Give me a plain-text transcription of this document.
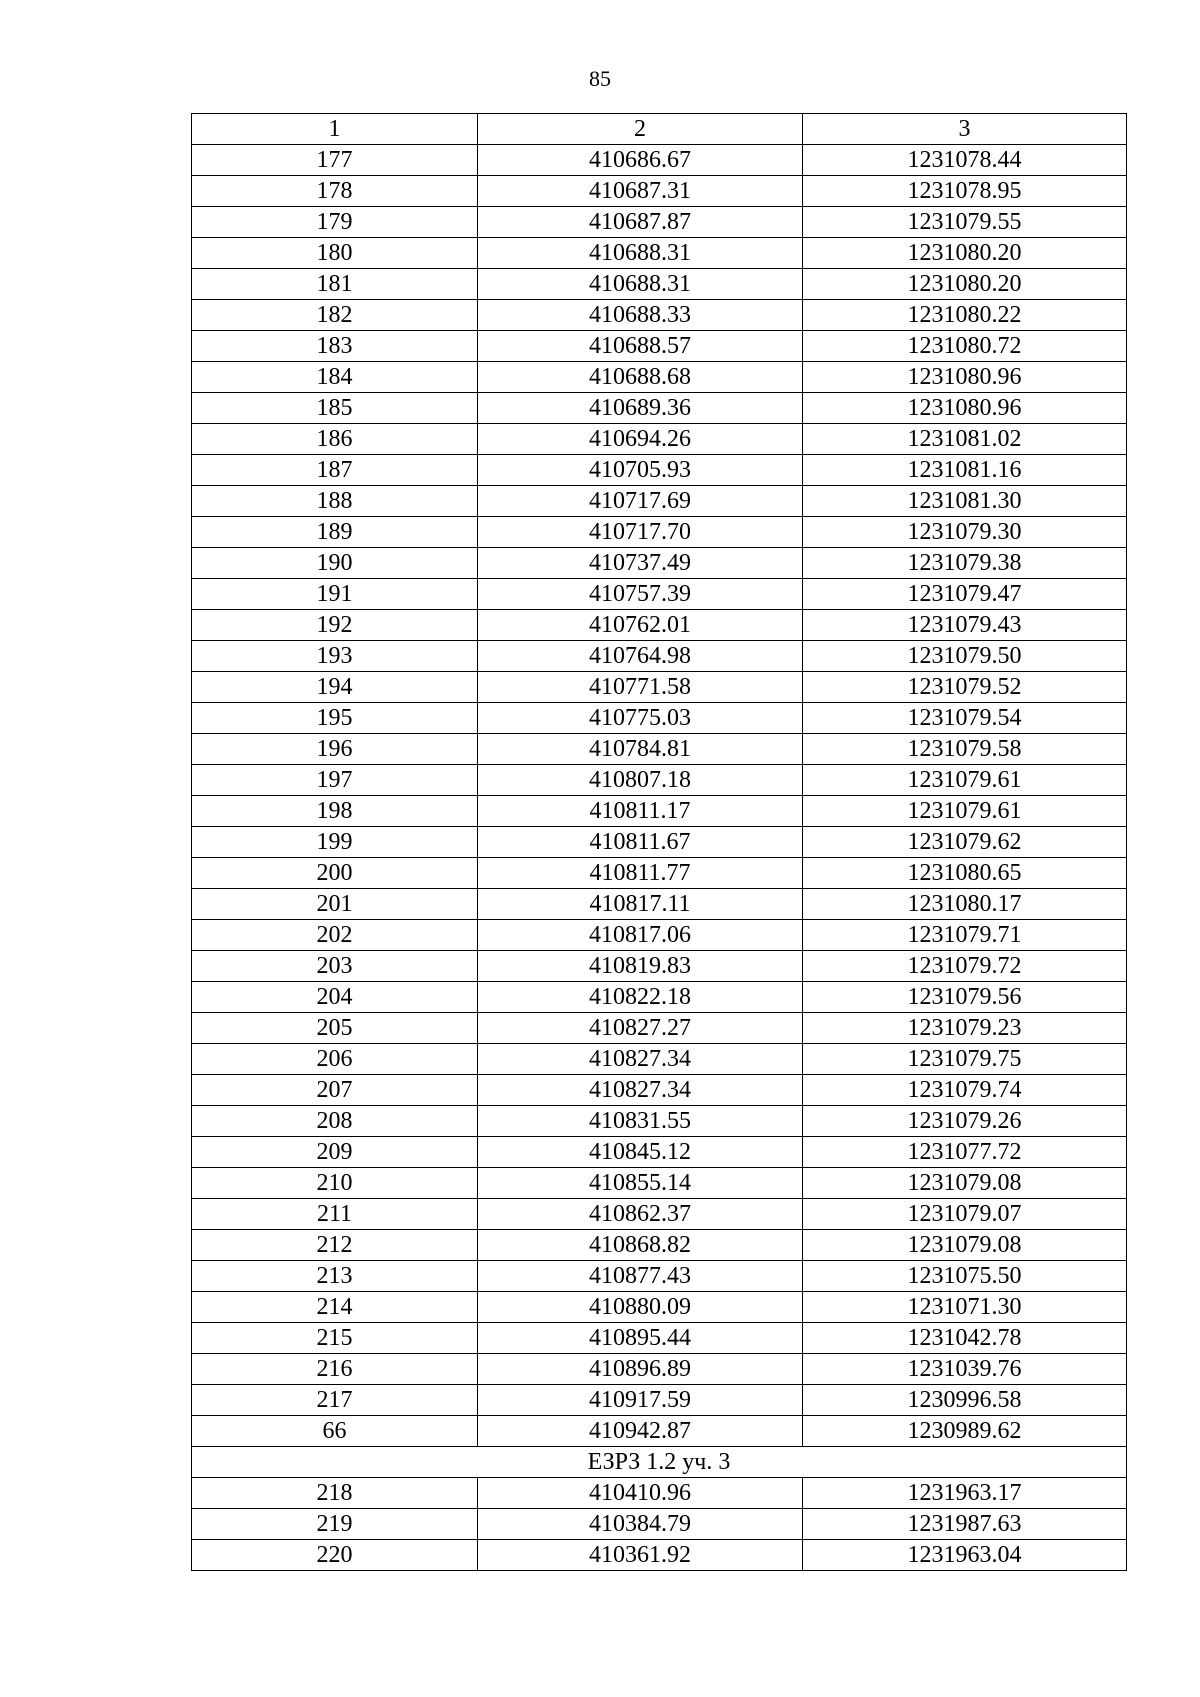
85
1	2	3
177	410686.67	1231078.44
178	410687.31	1231078.95
179	410687.87	1231079.55
180	410688.31	1231080.20
181	410688.31	1231080.20
182	410688.33	1231080.22
183	410688.57	1231080.72
184	410688.68	1231080.96
185	410689.36	1231080.96
186	410694.26	1231081.02
187	410705.93	1231081.16
188	410717.69	1231081.30
189	410717.70	1231079.30
190	410737.49	1231079.38
191	410757.39	1231079.47
192	410762.01	1231079.43
193	410764.98	1231079.50
194	410771.58	1231079.52
195	410775.03	1231079.54
196	410784.81	1231079.58
197	410807.18	1231079.61
198	410811.17	1231079.61
199	410811.67	1231079.62
200	410811.77	1231080.65
201	410817.11	1231080.17
202	410817.06	1231079.71
203	410819.83	1231079.72
204	410822.18	1231079.56
205	410827.27	1231079.23
206	410827.34	1231079.75
207	410827.34	1231079.74
208	410831.55	1231079.26
209	410845.12	1231077.72
210	410855.14	1231079.08
211	410862.37	1231079.07
212	410868.82	1231079.08
213	410877.43	1231075.50
214	410880.09	1231071.30
215	410895.44	1231042.78
216	410896.89	1231039.76
217	410917.59	1230996.58
66	410942.87	1230989.62
ЕЗРЗ 1.2 уч. 3		
218	410410.96	1231963.17
219	410384.79	1231987.63
220	410361.92	1231963.04
